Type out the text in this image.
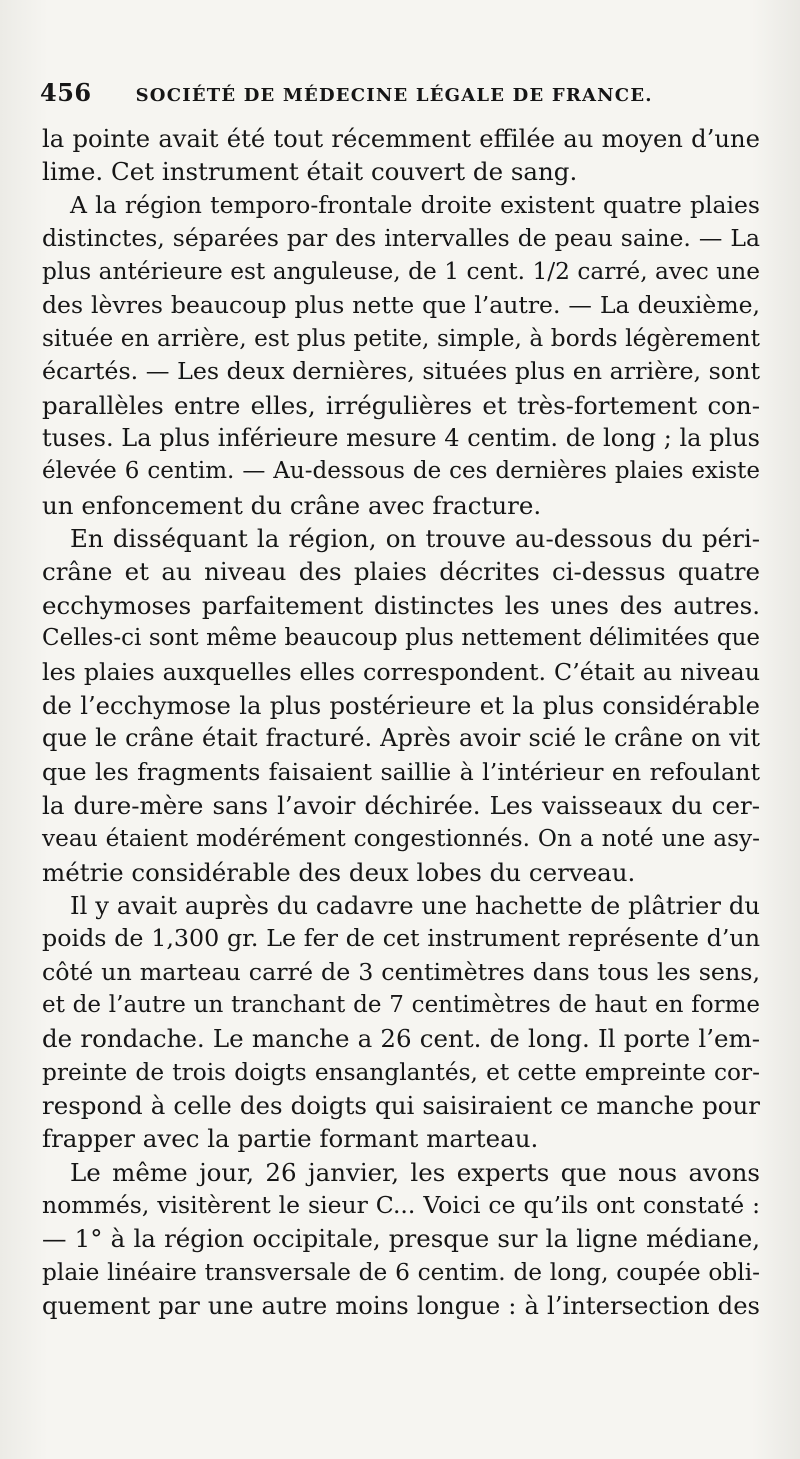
456 SOCIÉTÉ DE MÉDECINE LÉGALE DE FRANCE.
la pointe avait été tout récemment effilée au moyen d’une
lime. Cet instrument était couvert de sang.
A la région temporo-frontale droite existent quatre plaies
distinctes, séparées par des intervalles de peau saine. — La
plus antérieure est anguleuse, de 1 cent. 1/2 carré, avec une
des lèvres beaucoup plus nette que l’autre. — La deuxième,
située en arrière, est plus petite, simple, à bords légèrement
écartés. — Les deux dernières, situées plus en arrière, sont
parallèles entre elles, irrégulières et très-fortement con-
tuses. La plus inférieure mesure 4 centim. de long ; la plus
élevée 6 centim. — Au-dessous de ces dernières plaies existe
un enfoncement du crâne avec fracture.
En disséquant la région, on trouve au-dessous du péri-
crâne et au niveau des plaies décrites ci-dessus quatre
ecchymoses parfaitement distinctes les unes des autres.
Celles-ci sont même beaucoup plus nettement délimitées que
les plaies auxquelles elles correspondent. C’était au niveau
de l’ecchymose la plus postérieure et la plus considérable
que le crâne était fracturé. Après avoir scié le crâne on vit
que les fragments faisaient saillie à l’intérieur en refoulant
la dure-mère sans l’avoir déchirée. Les vaisseaux du cer-
veau étaient modérément congestionnés. On a noté une asy-
métrie considérable des deux lobes du cerveau.
Il y avait auprès du cadavre une hachette de plâtrier du
poids de 1,300 gr. Le fer de cet instrument représente d’un
côté un marteau carré de 3 centimètres dans tous les sens,
et de l’autre un tranchant de 7 centimètres de haut en forme
de rondache. Le manche a 26 cent. de long. Il porte l’em-
preinte de trois doigts ensanglantés, et cette empreinte cor-
respond à celle des doigts qui saisiraient ce manche pour
frapper avec la partie formant marteau.
Le même jour, 26 janvier, les experts que nous avons
nommés, visitèrent le sieur C... Voici ce qu’ils ont constaté :
— 1° à la région occipitale, presque sur la ligne médiane,
plaie linéaire transversale de 6 centim. de long, coupée obli-
quement par une autre moins longue : à l’intersection des
